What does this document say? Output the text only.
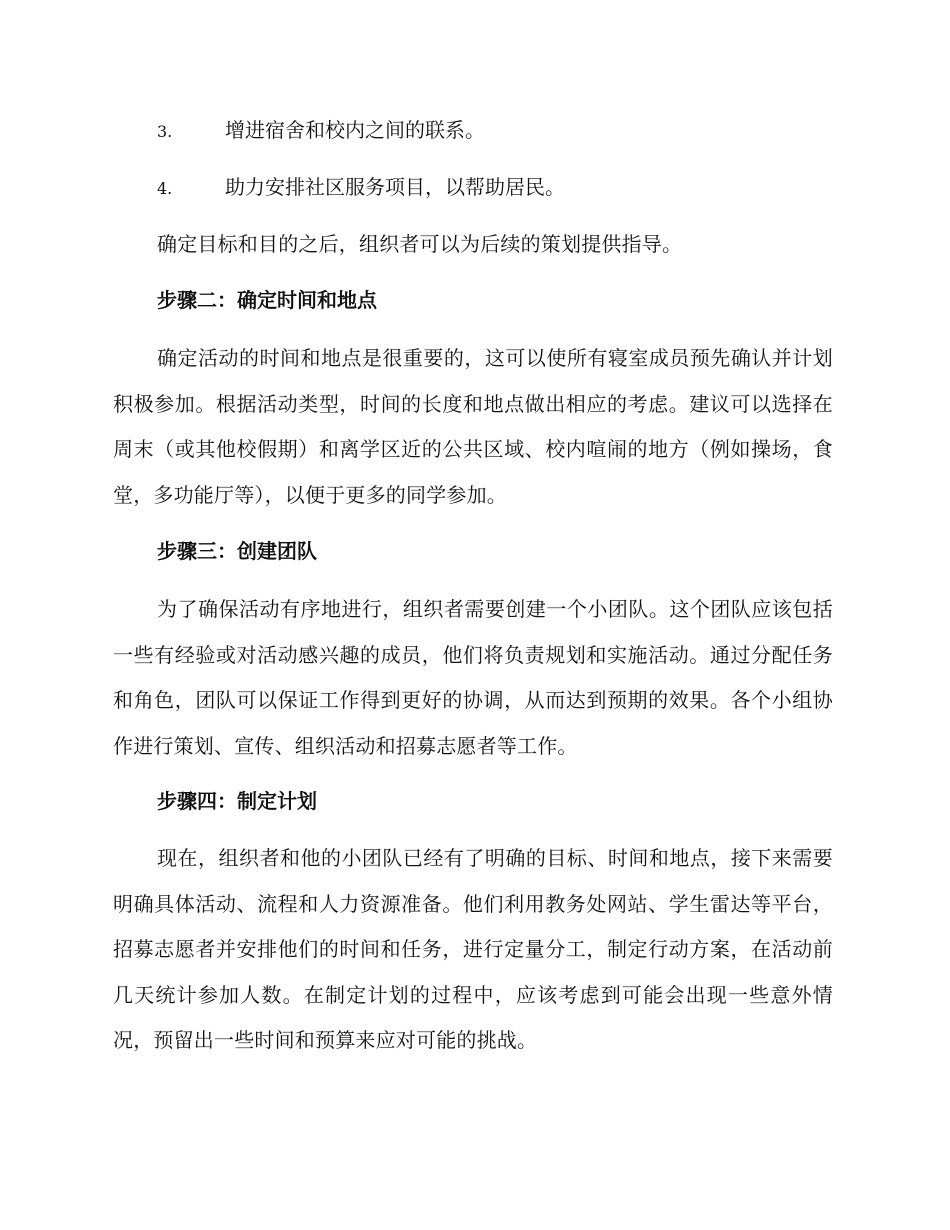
3.	增进宿舍和校内之间的联系。
4.	助力安排社区服务项目，以帮助居民。

确定目标和目的之后，组织者可以为后续的策划提供指导。

步骤二：确定时间和地点

确定活动的时间和地点是很重要的，这可以使所有寝室成员预先确认并计划积极参加。根据活动类型，时间的长度和地点做出相应的考虑。建议可以选择在周末（或其他校假期）和离学区近的公共区域、校内喧闹的地方（例如操场，食堂，多功能厅等），以便于更多的同学参加。

步骤三：创建团队

为了确保活动有序地进行，组织者需要创建一个小团队。这个团队应该包括一些有经验或对活动感兴趣的成员，他们将负责规划和实施活动。通过分配任务和角色，团队可以保证工作得到更好的协调，从而达到预期的效果。各个小组协作进行策划、宣传、组织活动和招募志愿者等工作。

步骤四：制定计划

现在，组织者和他的小团队已经有了明确的目标、时间和地点，接下来需要明确具体活动、流程和人力资源准备。他们利用教务处网站、学生雷达等平台，招募志愿者并安排他们的时间和任务，进行定量分工，制定行动方案，在活动前几天统计参加人数。在制定计划的过程中，应该考虑到可能会出现一些意外情况，预留出一些时间和预算来应对可能的挑战。
